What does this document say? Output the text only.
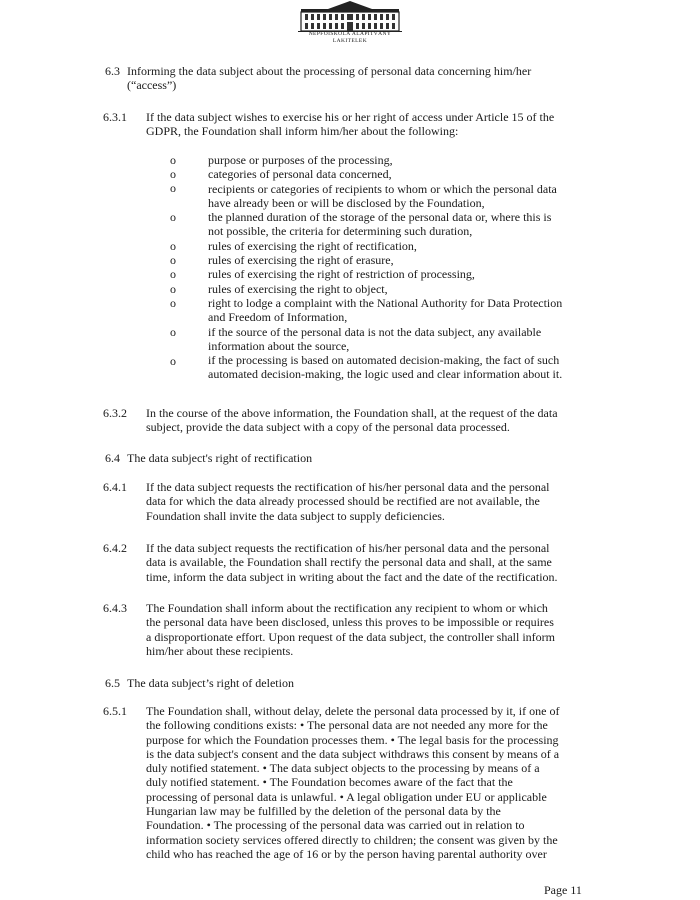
NÉPFŐISKOLA ALAPÍTVÁNY
LAKITELEK
6.3 Informing the data subject about the processing of personal data concerning him/her
(“access”)
6.3.1 If the data subject wishes to exercise his or her right of access under Article 15 of the
GDPR, the Foundation shall inform him/her about the following:
o
o
o
o
o
o
o
o
o
o
o
purpose or purposes of the processing,
categories of personal data concerned,
recipients or categories of recipients to whom or which the personal data
have already been or will be disclosed by the Foundation,
the planned duration of the storage of the personal data or, where this is
not possible, the criteria for determining such duration,
rules of exercising the right of rectification,
rules of exercising the right of erasure,
rules of exercising the right of restriction of processing,
rules of exercising the right to object,
right to lodge a complaint with the National Authority for Data Protection
and Freedom of Information,
if the source of the personal data is not the data subject, any available
information about the source,
if the processing is based on automated decision-making, the fact of such
automated decision-making, the logic used and clear information about it.
6.3.2 In the course of the above information, the Foundation shall, at the request of the data
subject, provide the data subject with a copy of the personal data processed.
6.4 The data subject's right of rectification
6.4.1 If the data subject requests the rectification of his/her personal data and the personal
data for which the data already processed should be rectified are not available, the
Foundation shall invite the data subject to supply deficiencies.
6.4.2 If the data subject requests the rectification of his/her personal data and the personal
data is available, the Foundation shall rectify the personal data and shall, at the same
time, inform the data subject in writing about the fact and the date of the rectification.
6.4.3 The Foundation shall inform about the rectification any recipient to whom or which
the personal data have been disclosed, unless this proves to be impossible or requires
a disproportionate effort. Upon request of the data subject, the controller shall inform
him/her about these recipients.
6.5 The data subject’s right of deletion
6.5.1 The Foundation shall, without delay, delete the personal data processed by it, if one of
the following conditions exists: • The personal data are not needed any more for the
purpose for which the Foundation processes them. • The legal basis for the processing
is the data subject's consent and the data subject withdraws this consent by means of a
duly notified statement. • The data subject objects to the processing by means of a
duly notified statement. • The Foundation becomes aware of the fact that the
processing of personal data is unlawful. • A legal obligation under EU or applicable
Hungarian law may be fulfilled by the deletion of the personal data by the
Foundation. • The processing of the personal data was carried out in relation to
information society services offered directly to children; the consent was given by the
child who has reached the age of 16 or by the person having parental authority over
Page 11
